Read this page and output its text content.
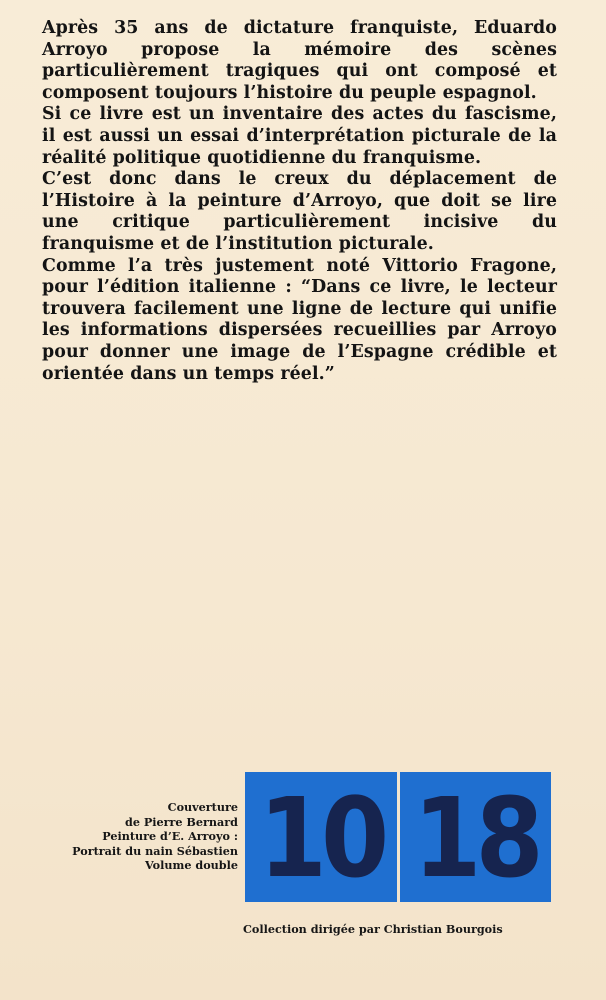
Après 35 ans de dictature franquiste, Eduardo Arroyo propose la mémoire des scènes particulièrement tragiques qui ont composé et composent toujours l’histoire du peuple espagnol.

Si ce livre est un inventaire des actes du fascisme, il est aussi un essai d’interprétation picturale de la réalité politique quotidienne du franquisme.

C’est donc dans le creux du déplacement de l’Histoire à la peinture d’Arroyo, que doit se lire une critique particulièrement incisive du franquisme et de l’institution picturale.

Comme l’a très justement noté Vittorio Fragone, pour l’édition italienne : “Dans ce livre, le lecteur trouvera facilement une ligne de lecture qui unifie les informations dispersées recueillies par Arroyo pour donner une image de l’Espagne crédible et orientée dans un temps réel.”

Couverture
de Pierre Bernard
Peinture d’E. Arroyo :
Portrait du nain Sébastien
Volume double 10 18
Collection dirigée par Christian Bourgois
